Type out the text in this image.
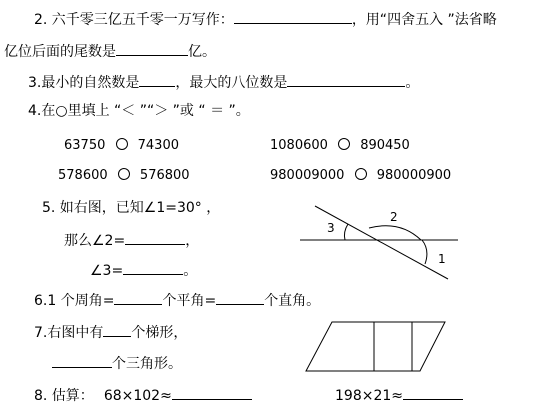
2. 六千零三亿五千零一万写作：	，用“四舍五入 ”法省略
亿位后面的尾数是	亿。
3.最小的自然数是	，最大的八位数是	。
4.在○里填上 “＜ ”“＞ ”或 “ ＝ ”。
63750 74300	1080600 890450
578600 576800	980009000 980000900
5. 如右图，已知∠1=30° ，
那么∠2=	，
∠3=	。
3
2
1
6.1 个周角=	个平角=	个直角。
7.右图中有 个梯形，
个三角形。
8. 估算： 68×102≈	198×21≈
